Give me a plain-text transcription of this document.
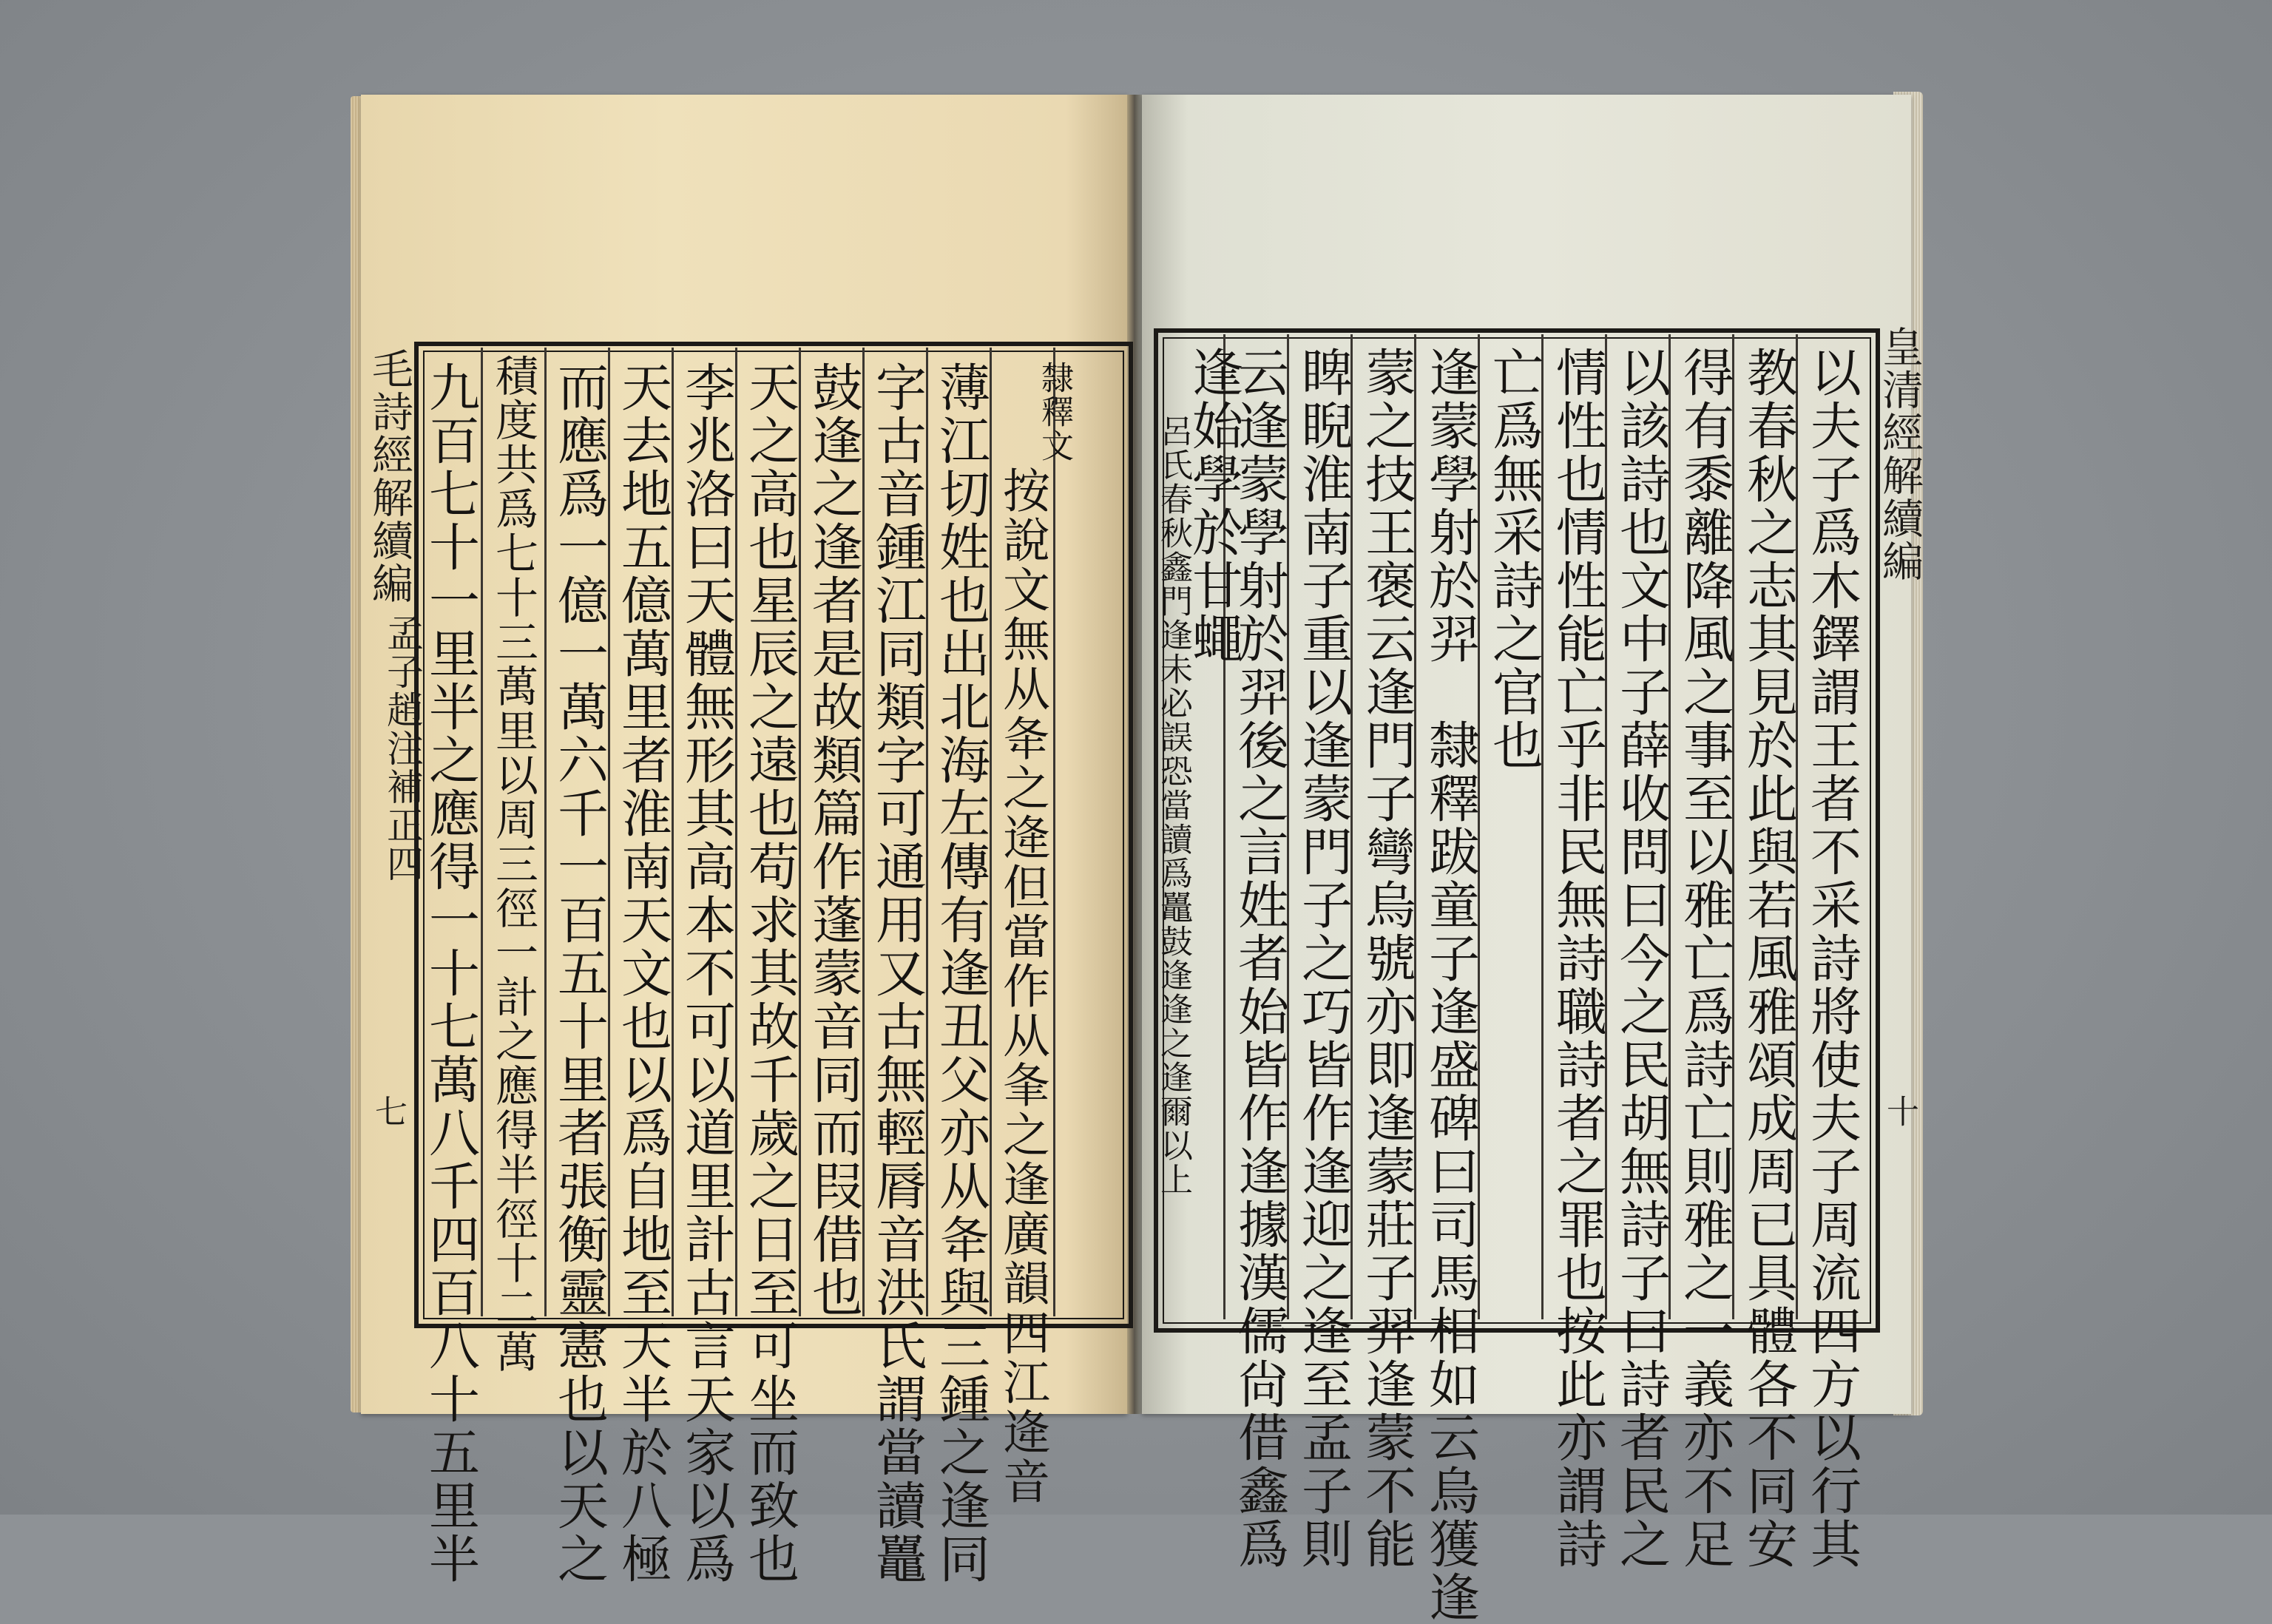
毛詩經解續編
孟子趙注補正四
七 九百七十一里半之應得一十七萬八千四百八十五里半 積度共爲七十三萬里以周三徑一計之應得半徑十二萬 而應爲一億一萬六千一百五十里者張衡靈憲也以天之 天去地五億萬里者淮南天文也以爲自地至天半於八極 李兆洛曰天體無形其高本不可以道里計古言天家以爲 天之高也星辰之遠也苟求其故千歲之日至可坐而致也 鼓逢之逢者是故類篇作蓬蒙音同而叚借也 字古音鍾江同類字可通用又古無輕脣音洪氏謂當讀鼉 薄江切姓也出北海左傳有逢丑父亦从夅與三鍾之逢同 隸釋文
按說文無从夅之逄但當作从夆之逢廣韻四江逄音	以夫子爲木鐸謂王者不采詩將使夫子周流四方以行其
教春秋之志其見於此與若風雅頌成周已具體各不同安
得有黍離降風之事至以雅亡爲詩亡則雅之一義亦不足
以該詩也文中子薛收問曰今之民胡無詩子曰詩者民之
情性也情性能亡乎非民無詩職詩者之罪也按此亦謂詩
亡爲無采詩之官也
逢蒙學射於羿　隸釋跋童子逢盛碑曰司馬相如云烏獲逢
蒙之技王褒云逢門子彎烏號亦即逢蒙莊子羿逢蒙不能
睥睨淮南子重以逢蒙門子之巧皆作逢迎之逢至孟子則
云逢蒙學射於羿後之言姓者始皆作逢據漢儒尙借鑫爲
逢始學於甘蠅
呂氏春秋鑫門逢未必誤恐當讀爲鼉鼓逢逢之逢爾以上	皇清經解續編
十
